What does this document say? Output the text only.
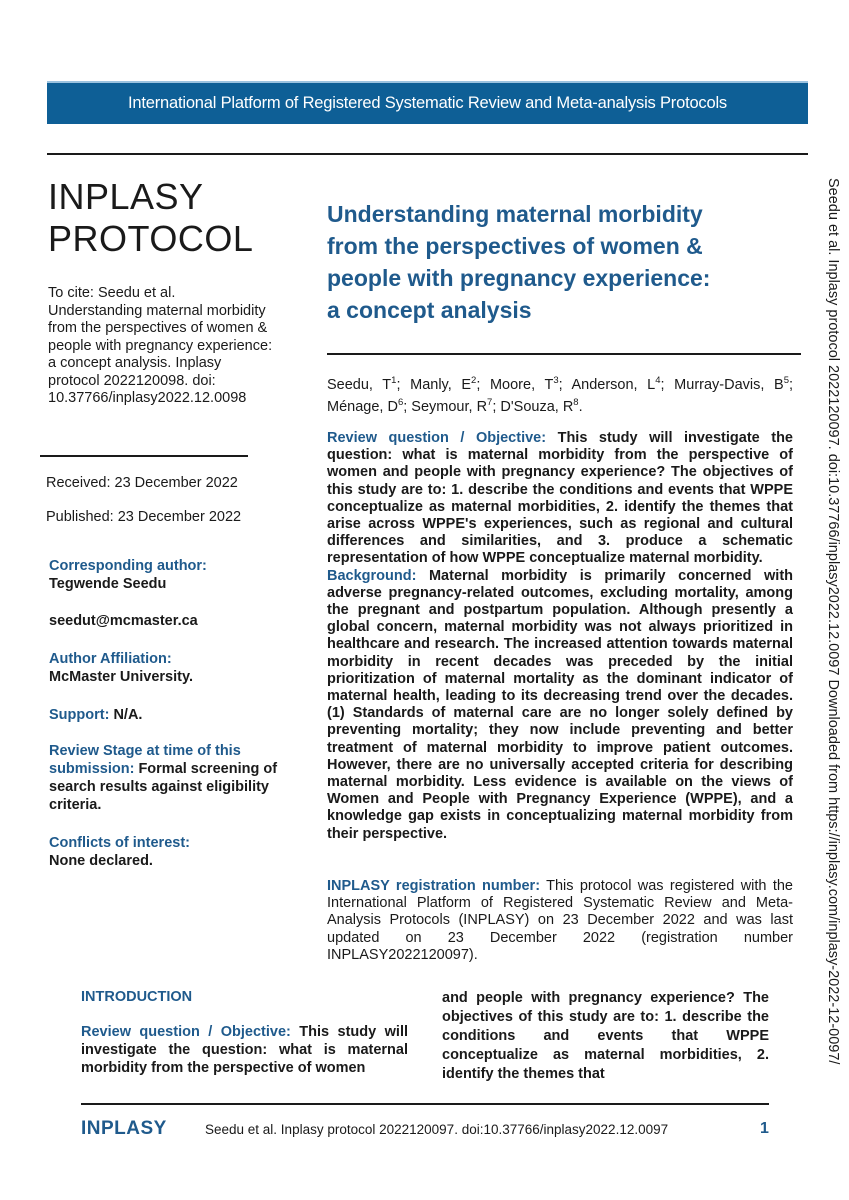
International Platform of Registered Systematic Review and Meta-analysis Protocols
INPLASY
PROTOCOL
To cite: Seedu et al. Understanding maternal morbidity from the perspectives of women & people with pregnancy experience: a concept analysis. Inplasy protocol 2022120098. doi: 10.37766/inplasy2022.12.0098
Received: 23 December 2022
Published: 23 December 2022
Corresponding author:
Tegwende Seedu
seedut@mcmaster.ca
Author Affiliation:
McMaster University.
Support: N/A.
Review Stage at time of this submission: Formal screening of search results against eligibility criteria.
Conflicts of interest:
None declared.
Understanding maternal morbidity
from the perspectives of women &
people with pregnancy experience:
a concept analysis
Seedu, $T^1$; Manly, $E^2$; Moore, $T^3$; Anderson, $L^4$; Murray-Davis, $B^5$; Ménage, $D^6$; Seymour, $R^7$; D'Souza, $R^8$.
Review question / Objective: This study will investigate the question: what is maternal morbidity from the perspective of women and people with pregnancy experience? The objectives of this study are to: 1. describe the conditions and events that WPPE conceptualize as maternal morbidities, 2. identify the themes that arise across WPPE's experiences, such as regional and cultural differences and similarities, and 3. produce a schematic representation of how WPPE conceptualize maternal morbidity.
Background: Maternal morbidity is primarily concerned with adverse pregnancy-related outcomes, excluding mortality, among the pregnant and postpartum population. Although presently a global concern, maternal morbidity was not always prioritized in healthcare and research. The increased attention towards maternal morbidity in recent decades was preceded by the initial prioritization of maternal mortality as the dominant indicator of maternal health, leading to its decreasing trend over the decades.(1) Standards of maternal care are no longer solely defined by preventing mortality; they now include preventing and better treatment of maternal morbidity to improve patient outcomes. However, there are no universally accepted criteria for describing maternal morbidity. Less evidence is available on the views of Women and People with Pregnancy Experience (WPPE), and a knowledge gap exists in conceptualizing maternal morbidity from their perspective.
INPLASY registration number: This protocol was registered with the International Platform of Registered Systematic Review and Meta-Analysis Protocols (INPLASY) on 23 December 2022 and was last updated on 23 December 2022 (registration number INPLASY2022120097).
INTRODUCTION
Review question / Objective: This study will investigate the question: what is maternal morbidity from the perspective of women
and people with pregnancy experience? The objectives of this study are to: 1. describe the conditions and events that WPPE conceptualize as maternal morbidities, 2. identify the themes that
Seedu et al. Inplasy protocol 2022120097. doi:10.37766/inplasy2022.12.0097 Downloaded from https://inplasy.com/inplasy-2022-12-0097/
INPLASY	Seedu et al. Inplasy protocol 2022120097. doi:10.37766/inplasy2022.12.0097	1
